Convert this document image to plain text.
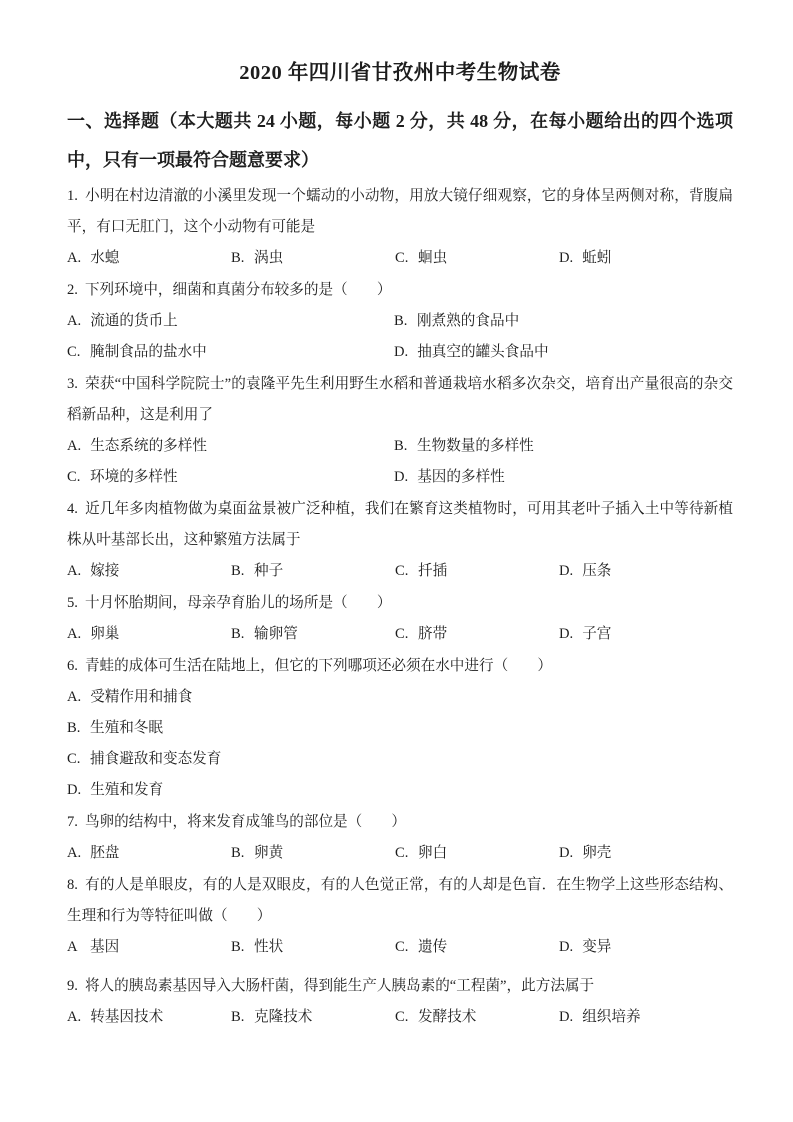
2020 年四川省甘孜州中考生物试卷

一、选择题（本大题共 24 小题，每小题 2 分，共 48 分，在每小题给出的四个选项中，只有一项最符合题意要求）

1. 小明在村边清澈的小溪里发现一个蠕动的小动物，用放大镜仔细观察，它的身体呈两侧对称，背腹扁平，有口无肛门，这个小动物有可能是

A. 水螅	B. 涡虫	C. 蛔虫	D. 蚯蚓

2. 下列环境中，细菌和真菌分布较多的是（　　）

A. 流通的货币上	B. 刚煮熟的食品中
C. 腌制食品的盐水中	D. 抽真空的罐头食品中

3. 荣获“中国科学院院士”的袁隆平先生利用野生水稻和普通栽培水稻多次杂交，培育出产量很高的杂交稻新品种，这是利用了

A. 生态系统的多样性	B. 生物数量的多样性
C. 环境的多样性	D. 基因的多样性

4. 近几年多肉植物做为桌面盆景被广泛种植，我们在繁育这类植物时，可用其老叶子插入土中等待新植株从叶基部长出，这种繁殖方法属于

A. 嫁接	B. 种子	C. 扦插	D. 压条

5. 十月怀胎期间，母亲孕育胎儿的场所是（　　）

A. 卵巢	B. 输卵管	C. 脐带	D. 子宫

6. 青蛙的成体可生活在陆地上，但它的下列哪项还必须在水中进行（　　）

A. 受精作用和捕食
B. 生殖和冬眠
C. 捕食避敌和变态发育
D. 生殖和发育

7. 鸟卵的结构中，将来发育成雏鸟的部位是（　　）

A. 胚盘	B. 卵黄	C. 卵白	D. 卵壳

8. 有的人是单眼皮，有的人是双眼皮，有的人色觉正常，有的人却是色盲．在生物学上这些形态结构、生理和行为等特征叫做（　　）

A 基因	B. 性状	C. 遗传	D. 变异

9. 将人的胰岛素基因导入大肠杆菌，得到能生产人胰岛素的“工程菌”，此方法属于

A. 转基因技术	B. 克隆技术	C. 发酵技术	D. 组织培养
